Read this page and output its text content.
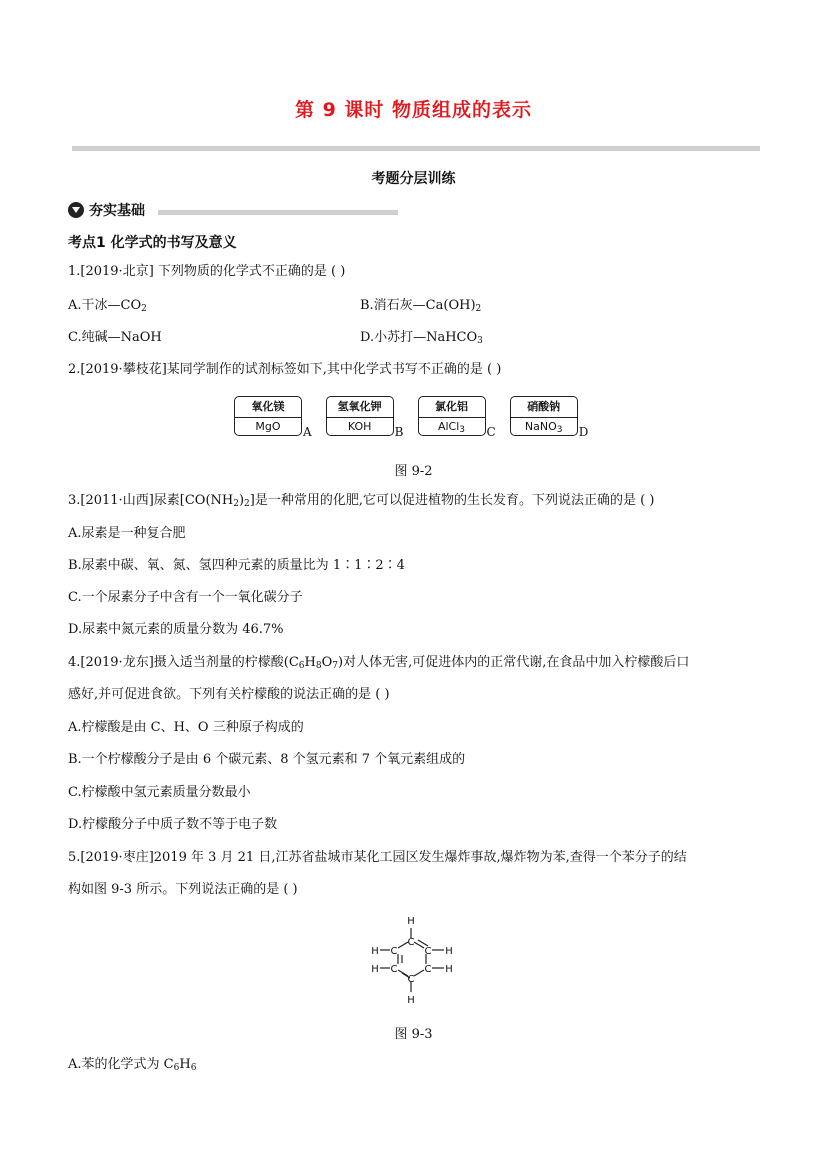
第 9 课时 物质组成的表示
考题分层训练
夯实基础
考点1 化学式的书写及意义
1.[2019·北京] 下列物质的化学式不正确的是 ( )
A.干冰$—CO_2$	B.消石灰$—Ca(OH)_2$
C.纯碱—NaOH	D.小苏打—NaHCO$_3$
2.[2019·攀枝花]某同学制作的试剂标签如下,其中化学式书写不正确的是 ( )
氧化镁
MgO	A
氢氧化钾
KOH	B
氯化铝
AlCl$_3$	C
硝酸钠
NaNO$_3$	D
图 9-2
3.[2011·山西]尿素$[CO(NH_2)_2]$是一种常用的化肥,它可以促进植物的生长发育。下列说法正确的是 ( )
A.尿素是一种复合肥
B.尿素中碳、氧、氮、氢四种元素的质量比为 1∶1∶2∶4
C.一个尿素分子中含有一个一氧化碳分子
D.尿素中氮元素的质量分数为 46.7%
4.[2019·龙东]摄入适当剂量的柠檬酸$(C_6H_8O_7)$对人体无害,可促进体内的正常代谢,在食品中加入柠檬酸后口
感好,并可促进食欲。下列有关柠檬酸的说法正确的是 ( )
A.柠檬酸是由 C、H、O 三种原子构成的
B.一个柠檬酸分子是由 6 个碳元素、8 个氢元素和 7 个氧元素组成的
C.柠檬酸中氢元素质量分数最小
D.柠檬酸分子中质子数不等于电子数
5.[2019·枣庄]2019 年 3 月 21 日,江苏省盐城市某化工园区发生爆炸事故,爆炸物为苯,查得一个苯分子的结
构如图 9-3 所示。下列说法正确的是 ( )
H
C
C	C
C	C
C
H
H
H
H
H
图 9-3
A.苯的化学式为 $C_6H_6$
